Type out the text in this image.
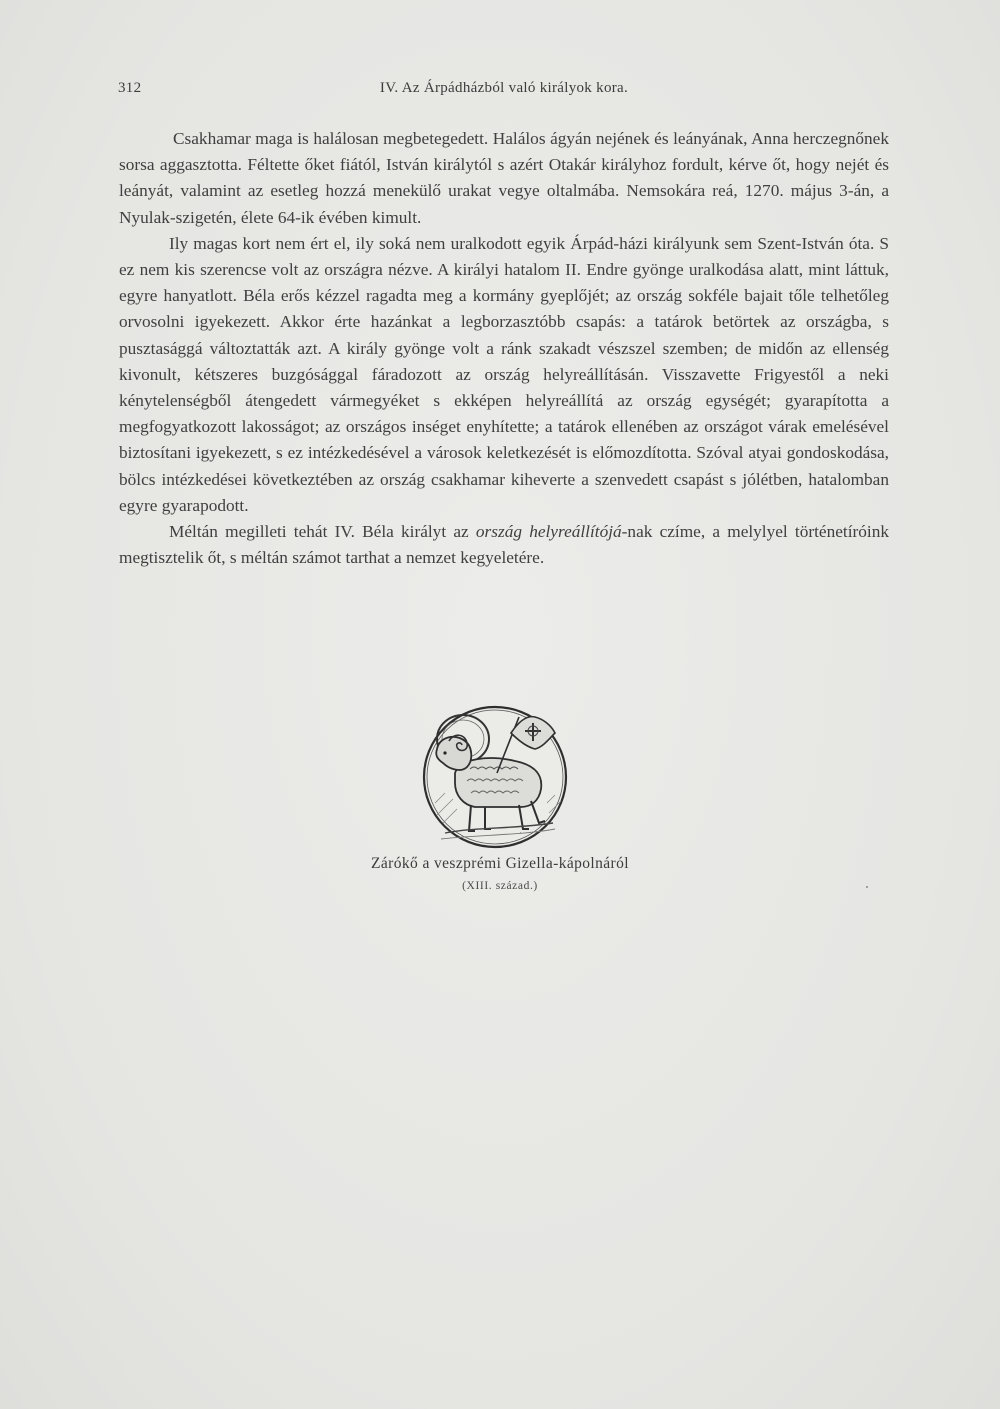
312	IV. Az Árpádházból való királyok kora.

Csakhamar maga is halálosan megbetegedett. Halálos ágyán nejének és leányának, Anna herczegnőnek sorsa aggasztotta. Féltette őket fiától, István királytól s azért Otakár királyhoz fordult, kérve őt, hogy nejét és leányát, valamint az esetleg hozzá menekülő urakat vegye oltalmába. Nemsokára reá, 1270. május 3-án, a Nyulak-szigetén, élete 64-ik évében kimult.

Ily magas kort nem ért el, ily soká nem uralkodott egyik Árpád-házi királyunk sem Szent-István óta. S ez nem kis szerencse volt az országra nézve. A királyi hatalom II. Endre gyönge uralkodása alatt, mint láttuk, egyre hanyatlott. Béla erős kézzel ragadta meg a kormány gyeplőjét; az ország sokféle bajait tőle telhetőleg orvosolni igyekezett. Akkor érte hazánkat a legborzasztóbb csapás: a tatárok betörtek az országba, s pusztasággá változtatták azt. A király gyönge volt a ránk szakadt vészszel szemben; de midőn az ellenség kivonult, kétszeres buzgósággal fáradozott az ország helyreállításán. Visszavette Frigyestől a neki kénytelenségből átengedett vármegyéket s ekképen helyreállítá az ország egységét; gyarapította a megfogyatkozott lakosságot; az országos inséget enyhítette; a tatárok ellenében az országot várak emelésével biztosítani igyekezett, s ez intézkedésével a városok keletkezését is előmozdította. Szóval atyai gondoskodása, bölcs intézkedései következtében az ország csakhamar kiheverte a szenvedett csapást s jólétben, hatalomban egyre gyarapodott.

Méltán megilleti tehát IV. Béla királyt az ország helyreállítójá-nak czíme, a melylyel történetíróink megtisztelik őt, s méltán számot tarthat a nemzet kegyeletére.

Zárókő a veszprémi Gizella-kápolnáról
(XIII. század.)
